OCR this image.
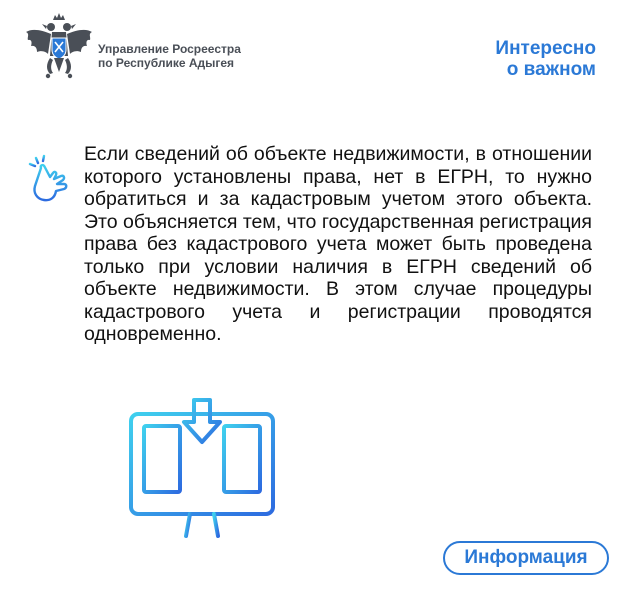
Управление Росреестра
по Республике Адыгея
Интересно
о важном

Если сведений об объекте недвижимости, в отношении которого установлены права, нет в ЕГРН, то нужно обратиться и за кадастровым учетом этого объекта. Это объясняется тем, что государственная регистрация права без кадастрового учета может быть проведена только при условии наличия в ЕГРН сведений об объекте недвижимости. В этом случае процедуры кадастрового учета и регистрации проводятся одновременно.

Информация
